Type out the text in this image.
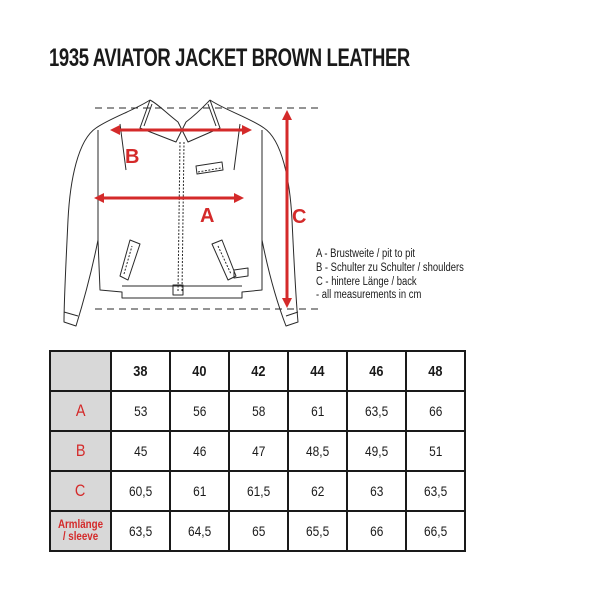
1935 AVIATOR JACKET BROWN LEATHER
B
A	C
A - Brustweite / pit to pit
B - Schulter zu Schulter / shoulders
C - hintere Länge / back
- all measurements in cm
	38	40	42	44	46	48
A	53	56	58	61	63,5	66
B	45	46	47	48,5	49,5	51
C	60,5	61	61,5	62	63	63,5
Armlänge / sleeve	63,5	64,5	65	65,5	66	66,5
